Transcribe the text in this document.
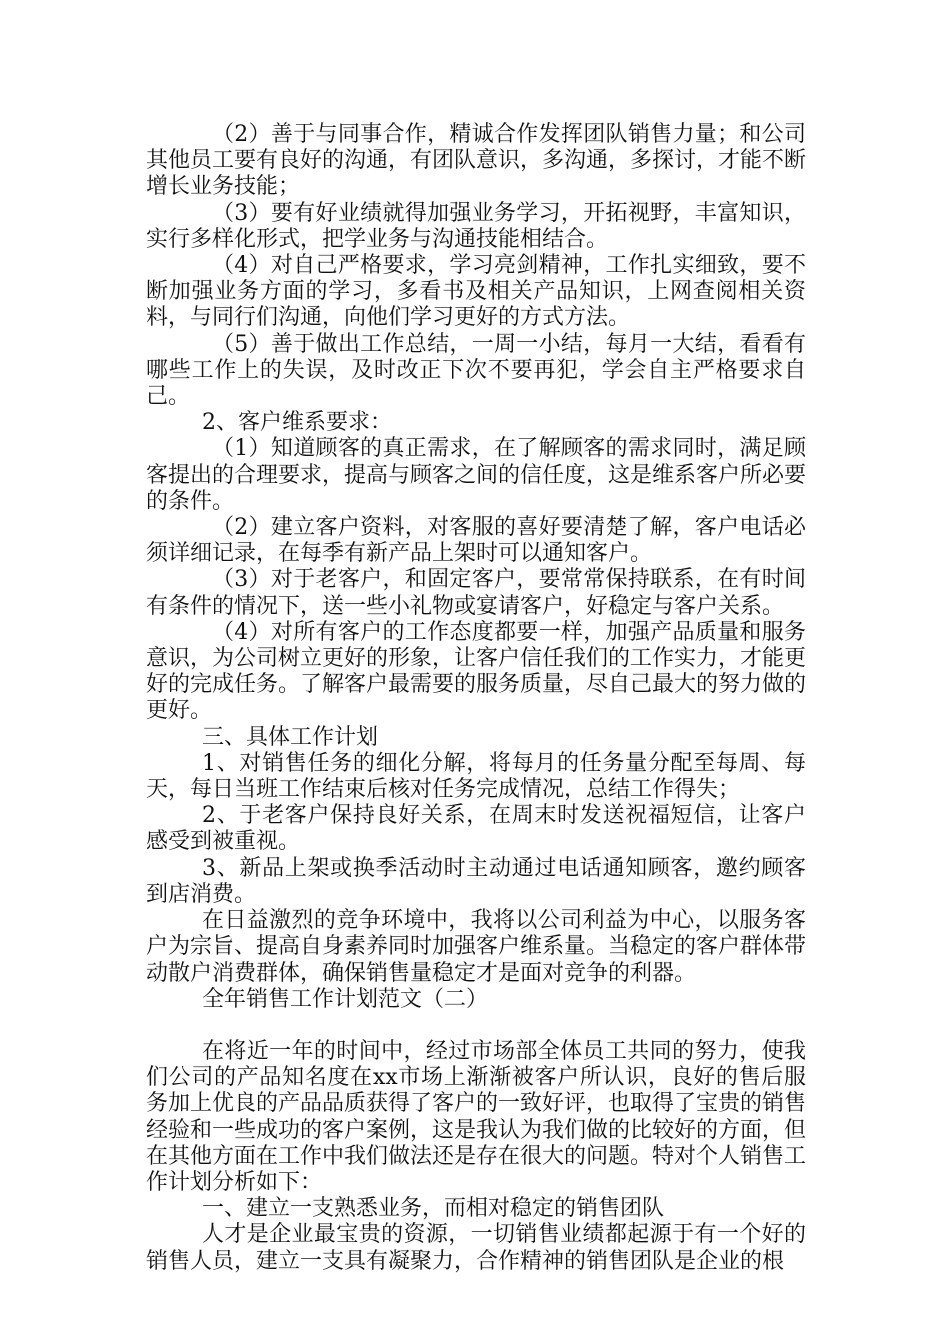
（2）善于与同事合作，精诚合作发挥团队销售力量；和公司其他员工要有良好的沟通，有团队意识，多沟通，多探讨，才能不断增长业务技能；

（3）要有好业绩就得加强业务学习，开拓视野，丰富知识，实行多样化形式，把学业务与沟通技能相结合。

（4）对自己严格要求，学习亮剑精神，工作扎实细致，要不断加强业务方面的学习，多看书及相关产品知识，上网查阅相关资料，与同行们沟通，向他们学习更好的方式方法。

（5）善于做出工作总结，一周一小结，每月一大结，看看有哪些工作上的失误，及时改正下次不要再犯，学会自主严格要求自己。

2、客户维系要求：

（1）知道顾客的真正需求，在了解顾客的需求同时，满足顾客提出的合理要求，提高与顾客之间的信任度，这是维系客户所必要的条件。

（2）建立客户资料，对客服的喜好要清楚了解，客户电话必须详细记录，在每季有新产品上架时可以通知客户。

（3）对于老客户，和固定客户，要常常保持联系，在有时间有条件的情况下，送一些小礼物或宴请客户，好稳定与客户关系。

（4）对所有客户的工作态度都要一样，加强产品质量和服务意识，为公司树立更好的形象，让客户信任我们的工作实力，才能更好的完成任务。了解客户最需要的服务质量，尽自己最大的努力做的更好。

三、具体工作计划

1、对销售任务的细化分解，将每月的任务量分配至每周、每天，每日当班工作结束后核对任务完成情况，总结工作得失；

2、于老客户保持良好关系，在周末时发送祝福短信，让客户感受到被重视。

3、新品上架或换季活动时主动通过电话通知顾客，邀约顾客到店消费。

在日益激烈的竞争环境中，我将以公司利益为中心，以服务客户为宗旨、提高自身素养同时加强客户维系量。当稳定的客户群体带动散户消费群体，确保销售量稳定才是面对竞争的利器。

全年销售工作计划范文（二）

在将近一年的时间中，经过市场部全体员工共同的努力，使我们公司的产品知名度在xx市场上渐渐被客户所认识，良好的售后服务加上优良的产品品质获得了客户的一致好评，也取得了宝贵的销售经验和一些成功的客户案例，这是我认为我们做的比较好的方面，但在其他方面在工作中我们做法还是存在很大的问题。特对个人销售工作计划分析如下：

一、建立一支熟悉业务，而相对稳定的销售团队

人才是企业最宝贵的资源，一切销售业绩都起源于有一个好的销售人员，建立一支具有凝聚力，合作精神的销售团队是企业的根
